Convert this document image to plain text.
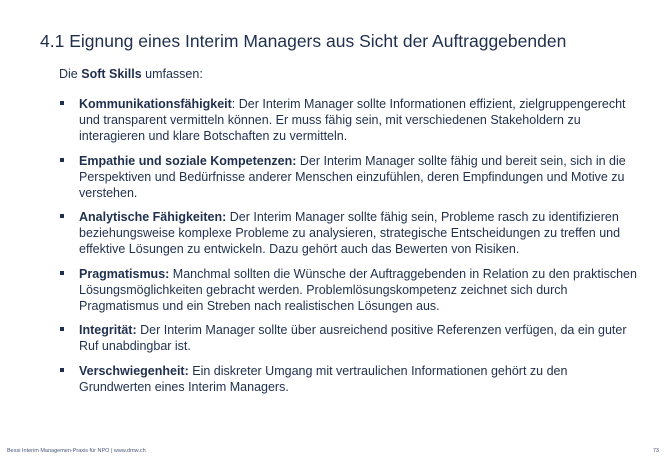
4.1 Eignung eines Interim Managers aus Sicht der Auftraggebenden
Die Soft Skills umfassen:
Kommunikationsfähigkeit: Der Interim Manager sollte Informationen effizient, zielgruppengerecht und transparent vermitteln können. Er muss fähig sein, mit verschiedenen Stakeholdern zu interagieren und klare Botschaften zu vermitteln.
Empathie und soziale Kompetenzen: Der Interim Manager sollte fähig und bereit sein, sich in die Perspektiven und Bedürfnisse anderer Menschen einzufühlen, deren Empfindungen und Motive zu verstehen.
Analytische Fähigkeiten: Der Interim Manager sollte fähig sein, Probleme rasch zu identifizieren beziehungsweise komplexe Probleme zu analysieren, strategische Entscheidungen zu treffen und effektive Lösungen zu entwickeln. Dazu gehört auch das Bewerten von Risiken.
Pragmatismus: Manchmal sollten die Wünsche der Auftraggebenden in Relation zu den praktischen Lösungsmöglichkeiten gebracht werden. Problemlösungskompetenz zeichnet sich durch Pragmatismus und ein Streben nach realistischen Lösungen aus.
Integrität: Der Interim Manager sollte über ausreichend positive Referenzen verfügen, da ein guter Ruf unabdingbar ist.
Verschwiegenheit: Ein diskreter Umgang mit vertraulichen Informationen gehört zu den Grundwerten eines Interim Managers.
Bessi Interim Managemen-Praxis für NPO | www.dmw.ch	73
